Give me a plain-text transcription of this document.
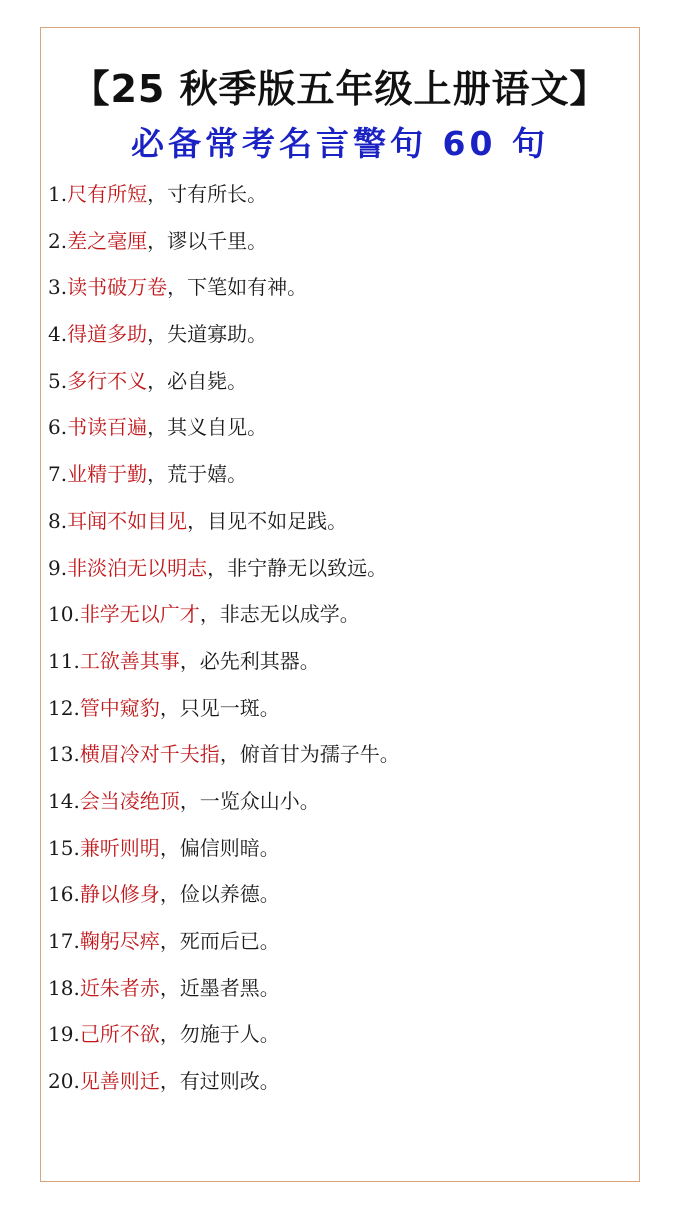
【25 秋季版五年级上册语文】
必备常考名言警句 60 句
1.尺有所短，寸有所长。
2.差之毫厘，谬以千里。
3.读书破万卷，下笔如有神。
4.得道多助，失道寡助。
5.多行不义，必自毙。
6.书读百遍，其义自见。
7.业精于勤，荒于嬉。
8.耳闻不如目见，目见不如足践。
9.非淡泊无以明志，非宁静无以致远。
10.非学无以广才，非志无以成学。
11.工欲善其事，必先利其器。
12.管中窥豹，只见一斑。
13.横眉冷对千夫指，俯首甘为孺子牛。
14.会当凌绝顶，一览众山小。
15.兼听则明，偏信则暗。
16.静以修身，俭以养德。
17.鞠躬尽瘁，死而后已。
18.近朱者赤，近墨者黑。
19.己所不欲，勿施于人。
20.见善则迁，有过则改。
